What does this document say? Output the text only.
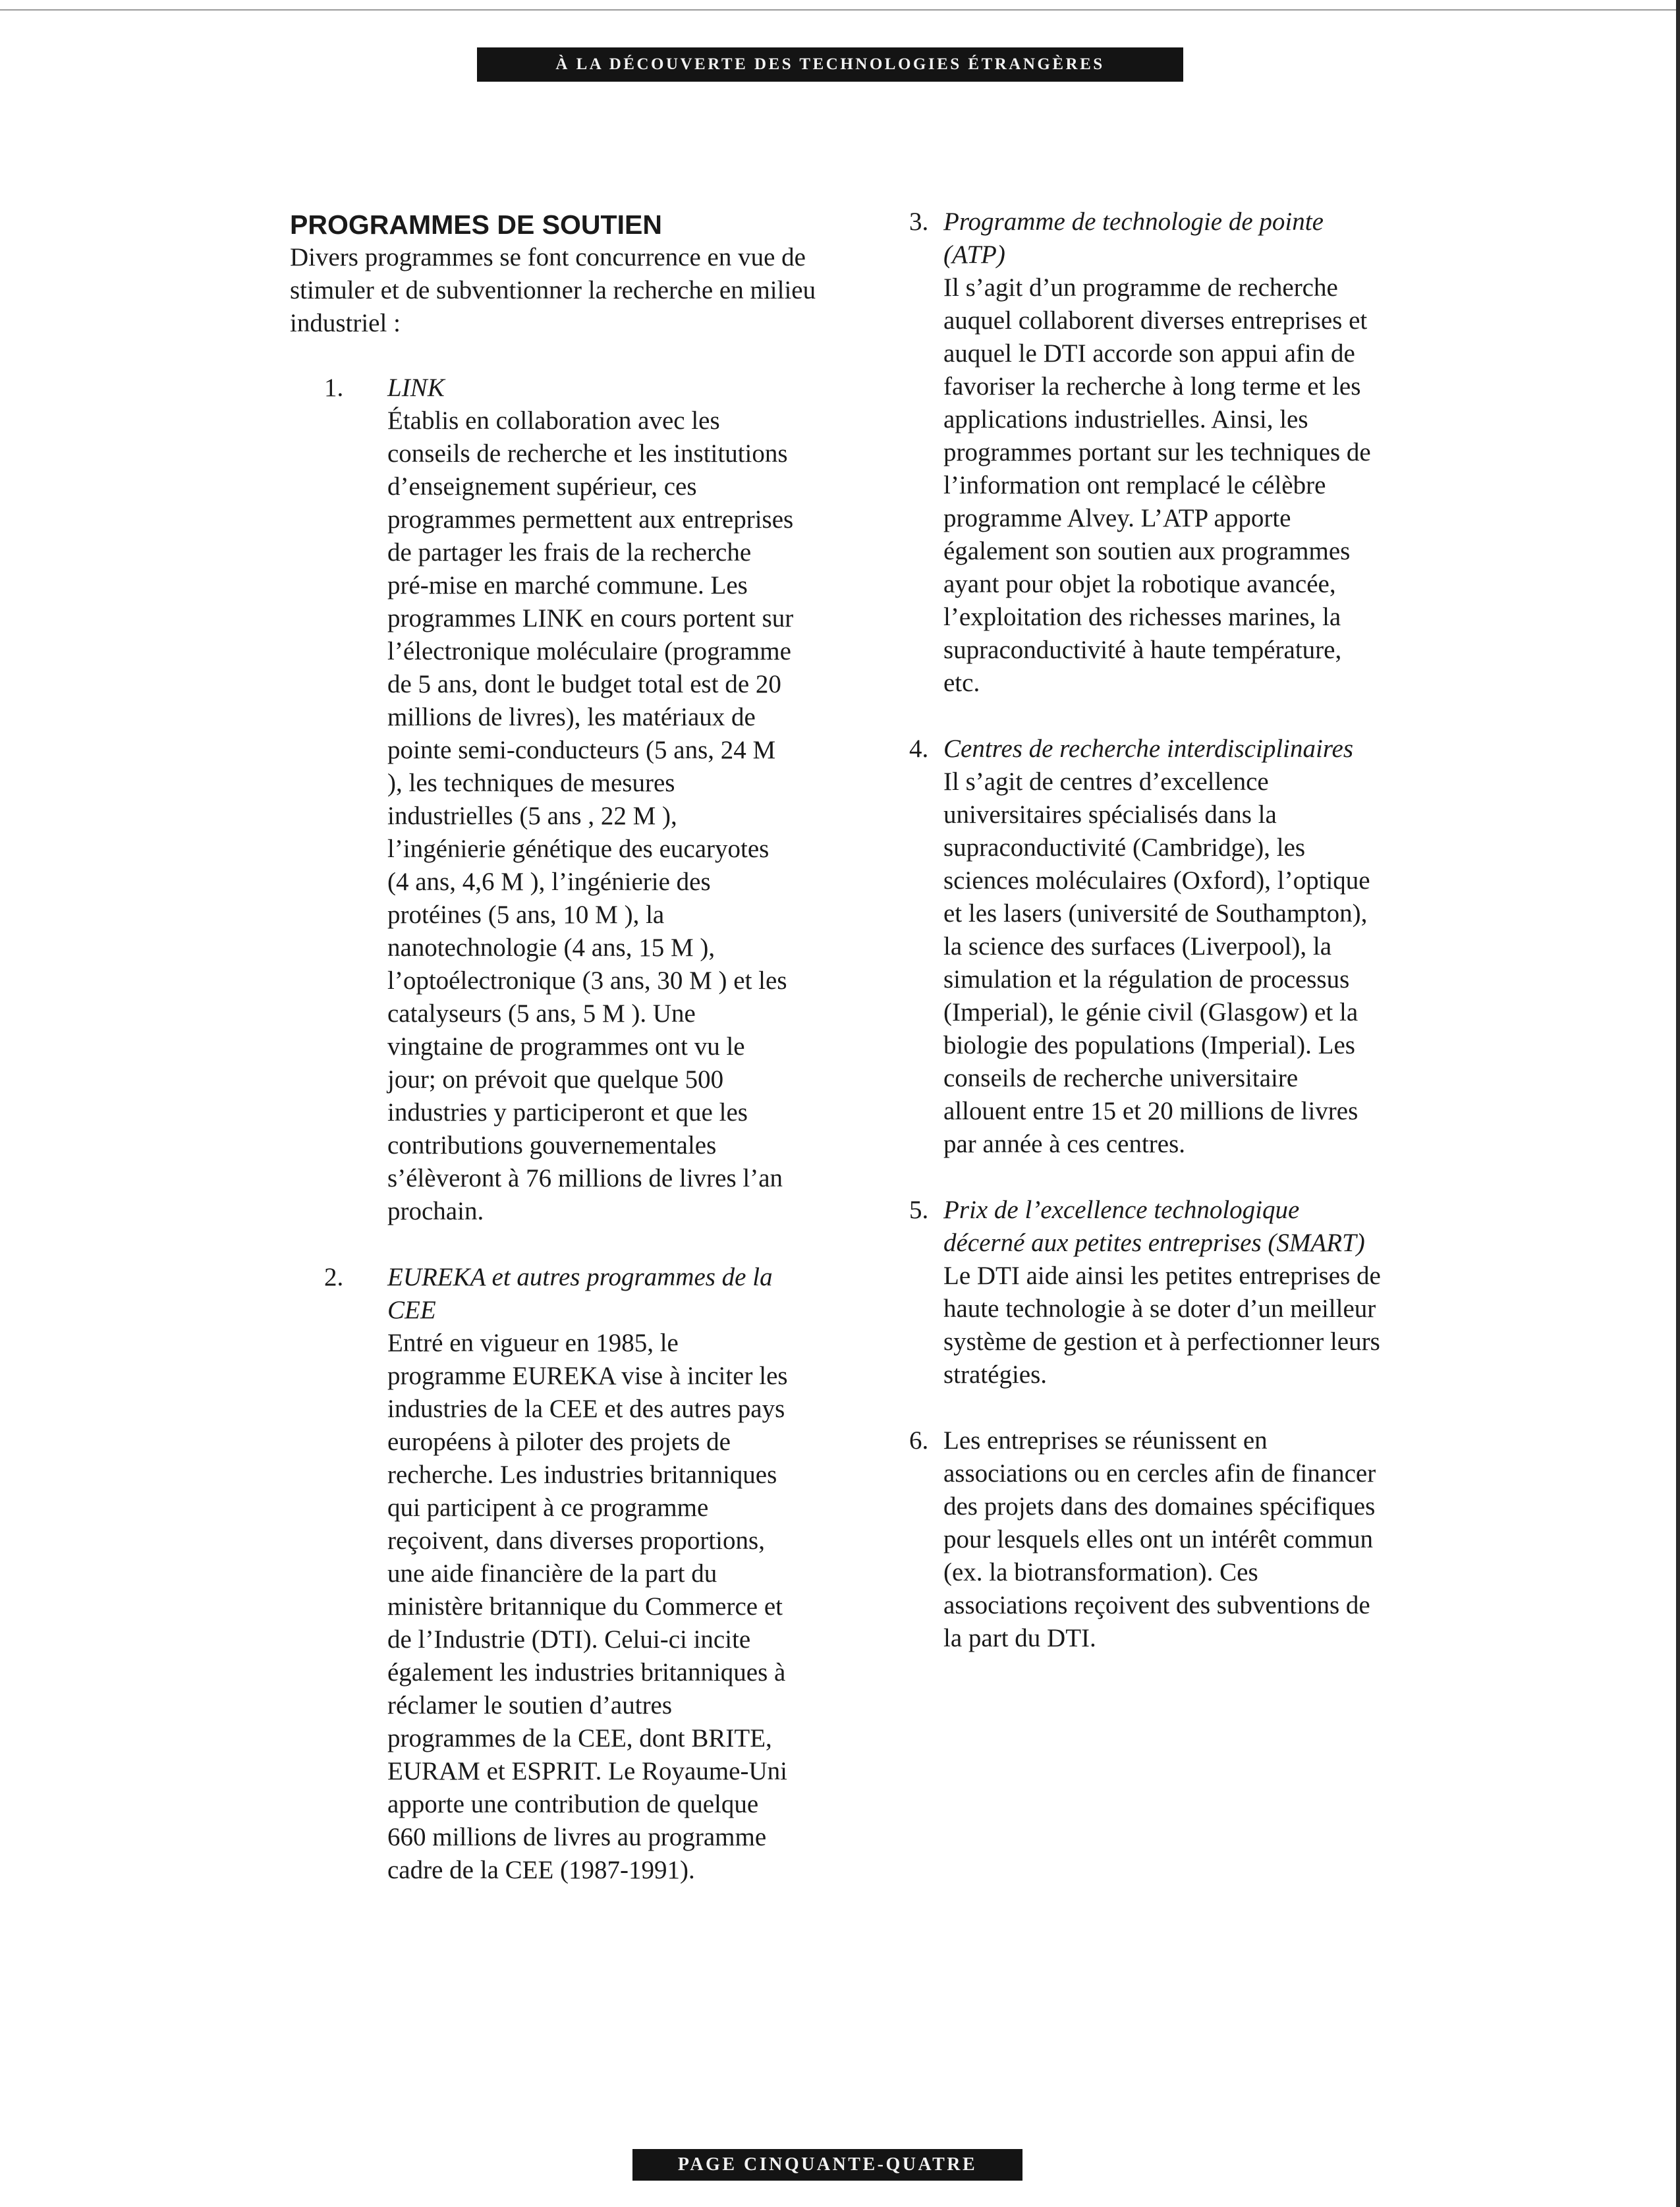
À LA DÉCOUVERTE DES TECHNOLOGIES ÉTRANGÈRES
PROGRAMMES DE SOUTIEN
Divers programmes se font concurrence en vue de stimuler et de subventionner la recherche en milieu industriel :
1. LINK
Établis en collaboration avec les conseils de recherche et les institutions d’enseignement supérieur, ces programmes permettent aux entreprises de partager les frais de la recherche pré-mise en marché commune. Les programmes LINK en cours portent sur l’électronique moléculaire (programme de 5 ans, dont le budget total est de 20 millions de livres), les matériaux de pointe semi-conducteurs (5 ans, 24 M ), les techniques de mesures industrielles (5 ans , 22 M ), l’ingénierie génétique des eucaryotes (4 ans, 4,6 M ), l’ingénierie des protéines (5 ans, 10 M ), la nanotechnologie (4 ans, 15 M ), l’optoélectronique (3 ans, 30 M ) et les catalyseurs (5 ans, 5 M ). Une vingtaine de programmes ont vu le jour; on prévoit que quelque 500 industries y participeront et que les contributions gouvernementales s’élèveront à 76 millions de livres l’an prochain.
2. EUREKA et autres programmes de la CEE
Entré en vigueur en 1985, le programme EUREKA vise à inciter les industries de la CEE et des autres pays européens à piloter des projets de recherche. Les industries britanniques qui participent à ce programme reçoivent, dans diverses proportions, une aide financière de la part du ministère britannique du Commerce et de l’Industrie (DTI). Celui-ci incite également les industries britanniques à réclamer le soutien d’autres programmes de la CEE, dont BRITE, EURAM et ESPRIT. Le Royaume-Uni apporte une contribution de quelque 660 millions de livres au programme cadre de la CEE (1987-1991).
3. Programme de technologie de pointe (ATP)
Il s’agit d’un programme de recherche auquel collaborent diverses entreprises et auquel le DTI accorde son appui afin de favoriser la recherche à long terme et les applications industrielles. Ainsi, les programmes portant sur les techniques de l’information ont remplacé le célèbre programme Alvey. L’ATP apporte également son soutien aux programmes ayant pour objet la robotique avancée, l’exploitation des richesses marines, la supraconductivité à haute température, etc.
4. Centres de recherche interdisciplinaires
Il s’agit de centres d’excellence universitaires spécialisés dans la supraconductivité (Cambridge), les sciences moléculaires (Oxford), l’optique et les lasers (université de Southampton), la science des surfaces (Liverpool), la simulation et la régulation de processus (Imperial), le génie civil (Glasgow) et la biologie des populations (Imperial). Les conseils de recherche universitaire allouent entre 15 et 20 millions de livres par année à ces centres.
5. Prix de l’excellence technologique décerné aux petites entreprises (SMART)
Le DTI aide ainsi les petites entreprises de haute technologie à se doter d’un meilleur système de gestion et à perfectionner leurs stratégies.
6. Les entreprises se réunissent en associations ou en cercles afin de financer des projets dans des domaines spécifiques pour lesquels elles ont un intérêt commun (ex. la biotransformation). Ces associations reçoivent des subventions de la part du DTI.
PAGE CINQUANTE-QUATRE
